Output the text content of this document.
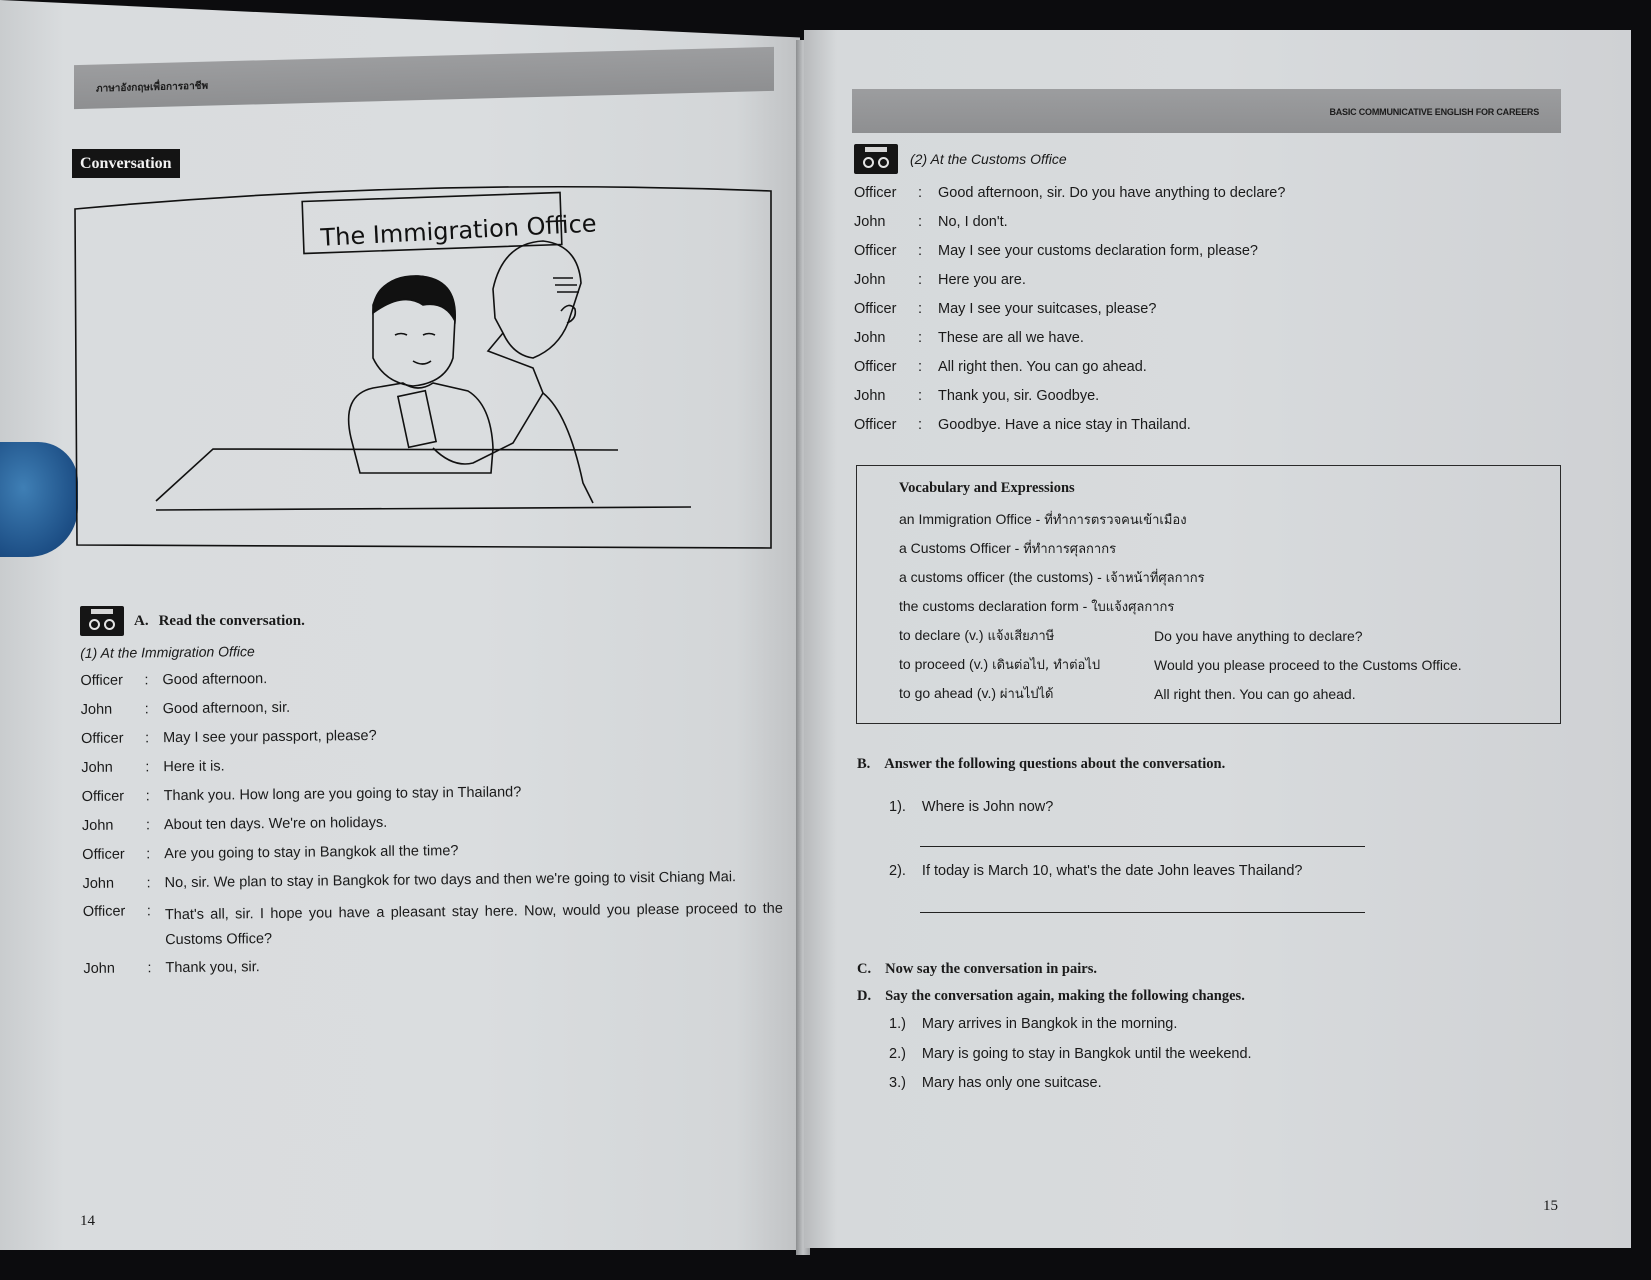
ภาษาอังกฤษเพื่อการอาชีพ
Conversation
The Immigration Office
A. Read the conversation.
(1) At the Immigration Office
Officer	: Good afternoon.
John	: Good afternoon, sir.
Officer	: May I see your passport, please?
John	: Here it is.
Officer	: Thank you. How long are you going to stay in Thailand?
John	: About ten days. We're on holidays.
Officer	: Are you going to stay in Bangkok all the time?
John	: No, sir. We plan to stay in Bangkok for two days and then we're going to visit Chiang Mai.
Officer	: That's all, sir. I hope you have a pleasant stay here. Now, would you please proceed to the Customs Office?
John	: Thank you, sir.
14
BASIC COMMUNICATIVE ENGLISH FOR CAREERS
(2) At the Customs Office
Officer	:	Good afternoon, sir. Do you have anything to declare?
John	:	No, I don't.
Officer	:	May I see your customs declaration form, please?
John	:	Here you are.
Officer	:	May I see your suitcases, please?
John	:	These are all we have.
Officer	:	All right then. You can go ahead.
John	:	Thank you, sir. Goodbye.
Officer	:	Goodbye. Have a nice stay in Thailand.
Vocabulary and Expressions
an Immigration Office - ที่ทำการตรวจคนเข้าเมือง
a Customs Officer - ที่ทำการศุลกากร
a customs officer (the customs) - เจ้าหน้าที่ศุลกากร
the customs declaration form - ใบแจ้งศุลกากร
to declare (v.) แจ้งเสียภาษี	Do you have anything to declare?
to proceed (v.) เดินต่อไป, ทำต่อไป	Would you please proceed to the Customs Office.
to go ahead (v.) ผ่านไปได้	All right then. You can go ahead.
B. Answer the following questions about the conversation.
1). Where is John now?
2). If today is March 10, what's the date John leaves Thailand?
C. Now say the conversation in pairs.
D. Say the conversation again, making the following changes.
1.) Mary arrives in Bangkok in the morning.
2.) Mary is going to stay in Bangkok until the weekend.
3.) Mary has only one suitcase.
15
